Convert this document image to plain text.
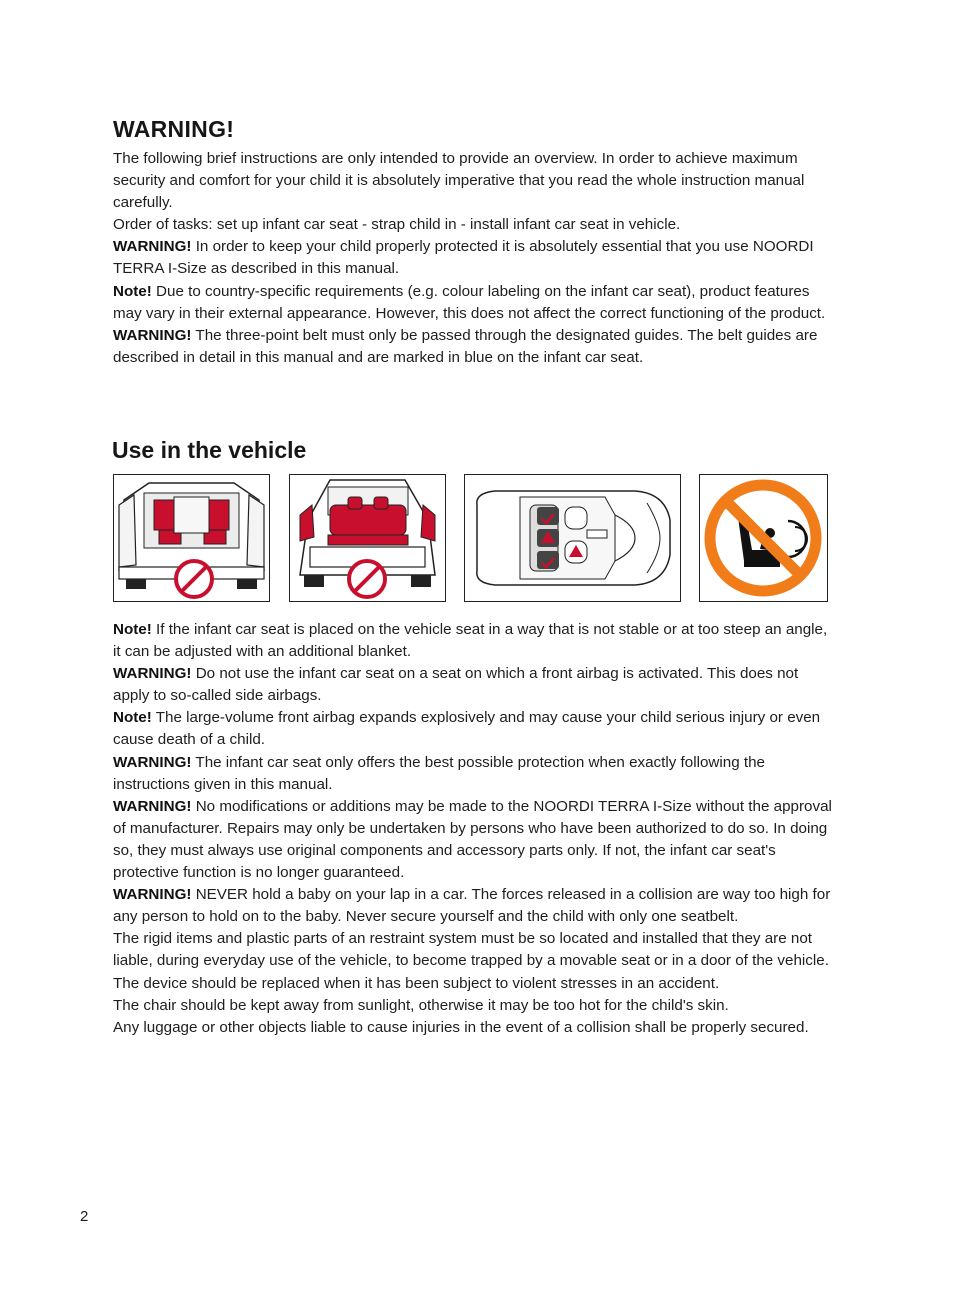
WARNING!

The following brief instructions are only intended to provide an overview. In order to achieve maximum security and comfort for your child it is absolutely imperative that you read the whole instruction manual carefully.

Order of tasks: set up infant car seat - strap child in - install infant car seat in vehicle.

WARNING! In order to keep your child properly protected it is absolutely essential that you use NOORDI TERRA I-Size as described in this manual.

Note! Due to country-specific requirements (e.g. colour labeling on the infant car seat), product features may vary in their external appearance. However, this does not affect the correct functioning of the product.

WARNING! The three-point belt must only be passed through the designated guides. The belt guides are described in detail in this manual and are marked in blue on the infant car seat.

Use in the vehicle

Note! If the infant car seat is placed on the vehicle seat in a way that is not stable or at too steep an angle, it can be adjusted with an additional blanket.

WARNING! Do not use the infant car seat on a seat on which a front airbag is activated. This does not apply to so-called side airbags.

Note! The large-volume front airbag expands explosively and may cause your child serious injury or even cause death of a child.

WARNING! The infant car seat only offers the best possible protection when exactly following the instructions given in this manual.

WARNING! No modifications or additions may be made to the NOORDI TERRA I-Size without the approval of manufacturer. Repairs may only be undertaken by persons who have been authorized to do so. In doing so, they must always use original components and accessory parts only. If not, the infant car seat's protective function is no longer guaranteed.

WARNING! NEVER hold a baby on your lap in a car. The forces released in a collision are way too high for any person to hold on to the baby. Never secure yourself and the child with only one seatbelt.

The rigid items and plastic parts of an restraint system must be so located and installed that they are not liable, during everyday use of the vehicle, to become trapped by a movable seat or in a door of the vehicle.

The device should be replaced when it has been subject to violent stresses in an accident.

The chair should be kept away from sunlight, otherwise it may be too hot for the child's skin.

Any luggage or other objects liable to cause injuries in the event of a collision shall be properly secured.

2
